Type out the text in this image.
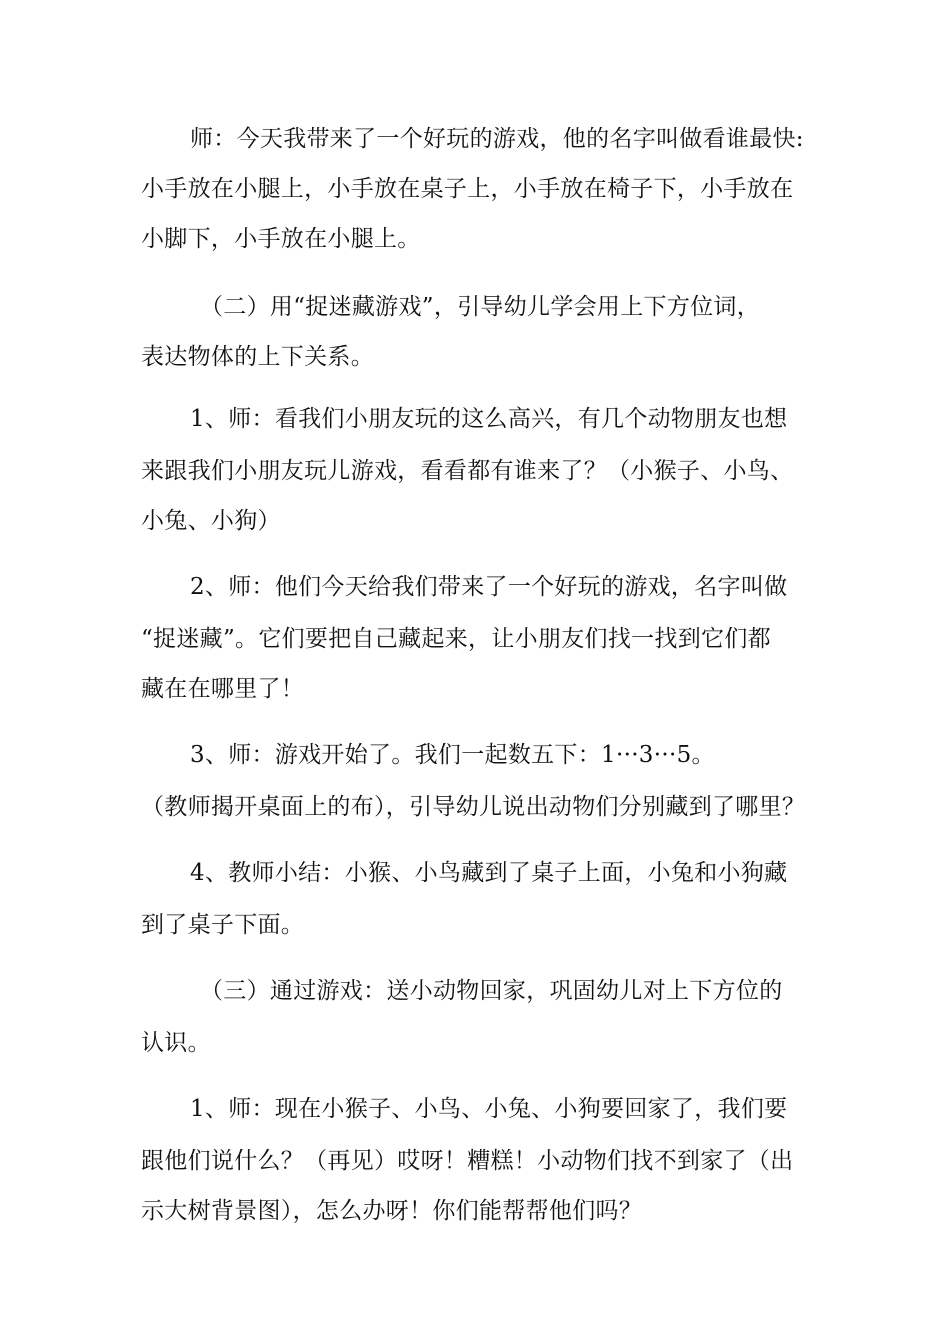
师：今天我带来了一个好玩的游戏，他的名字叫做看谁最快:
小手放在小腿上，小手放在桌子上，小手放在椅子下，小手放在
小脚下，小手放在小腿上。
（二）用“捉迷藏游戏”，引导幼儿学会用上下方位词，
表达物体的上下关系。
1、师：看我们小朋友玩的这么高兴，有几个动物朋友也想
来跟我们小朋友玩儿游戏，看看都有谁来了？（小猴子、小鸟、
小兔、小狗）
2、师：他们今天给我们带来了一个好玩的游戏，名字叫做
“捉迷藏”。它们要把自己藏起来，让小朋友们找一找到它们都
藏在在哪里了！
3、师：游戏开始了。我们一起数五下：1···3···5。
（教师揭开桌面上的布），引导幼儿说出动物们分别藏到了哪里？
4、教师小结：小猴、小鸟藏到了桌子上面，小兔和小狗藏
到了桌子下面。
（三）通过游戏：送小动物回家，巩固幼儿对上下方位的
认识。
1、师：现在小猴子、小鸟、小兔、小狗要回家了，我们要
跟他们说什么？（再见）哎呀！糟糕！小动物们找不到家了（出
示大树背景图），怎么办呀！你们能帮帮他们吗？
